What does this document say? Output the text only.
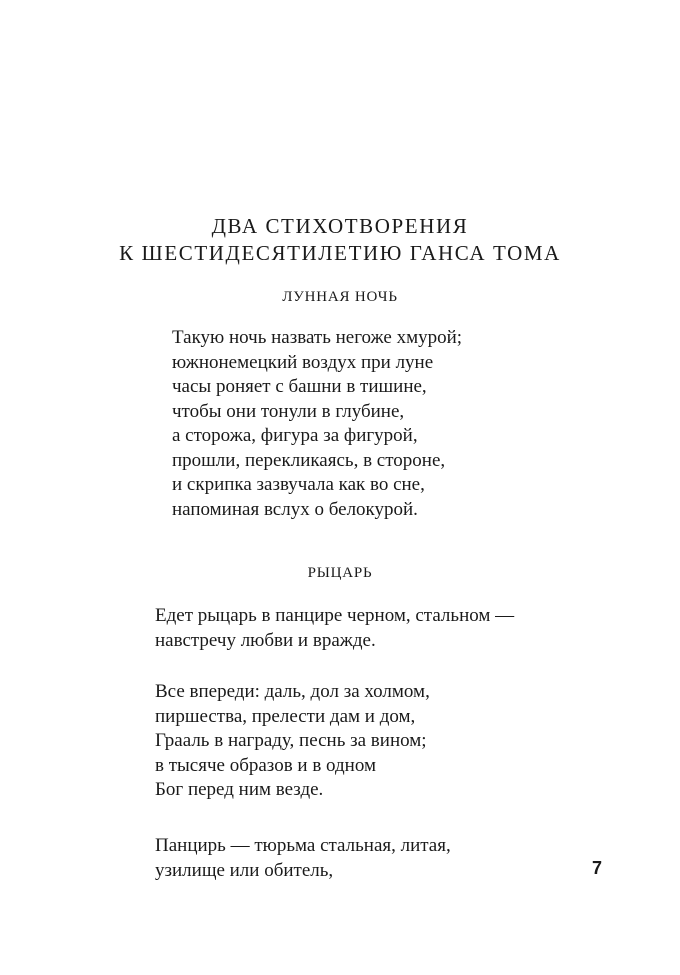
ДВА СТИХОТВОРЕНИЯ
К ШЕСТИДЕСЯТИЛЕТИЮ ГАНСА ТОМА
ЛУННАЯ НОЧЬ
Такую ночь назвать негоже хмурой;
южнонемецкий воздух при луне
часы роняет с башни в тишине,
чтобы они тонули в глубине,
а сторожа, фигура за фигурой,
прошли, перекликаясь, в стороне,
и скрипка зазвучала как во сне,
напоминая вслух о белокурой.
РЫЦАРЬ
Едет рыцарь в панцире черном, стальном —
навстречу любви и вражде.
Все впереди: даль, дол за холмом,
пиршества, прелести дам и дом,
Грааль в награду, песнь за вином;
в тысяче образов и в одном
Бог перед ним везде.
Панцирь — тюрьма стальная, литая,
узилище или обитель,	7
